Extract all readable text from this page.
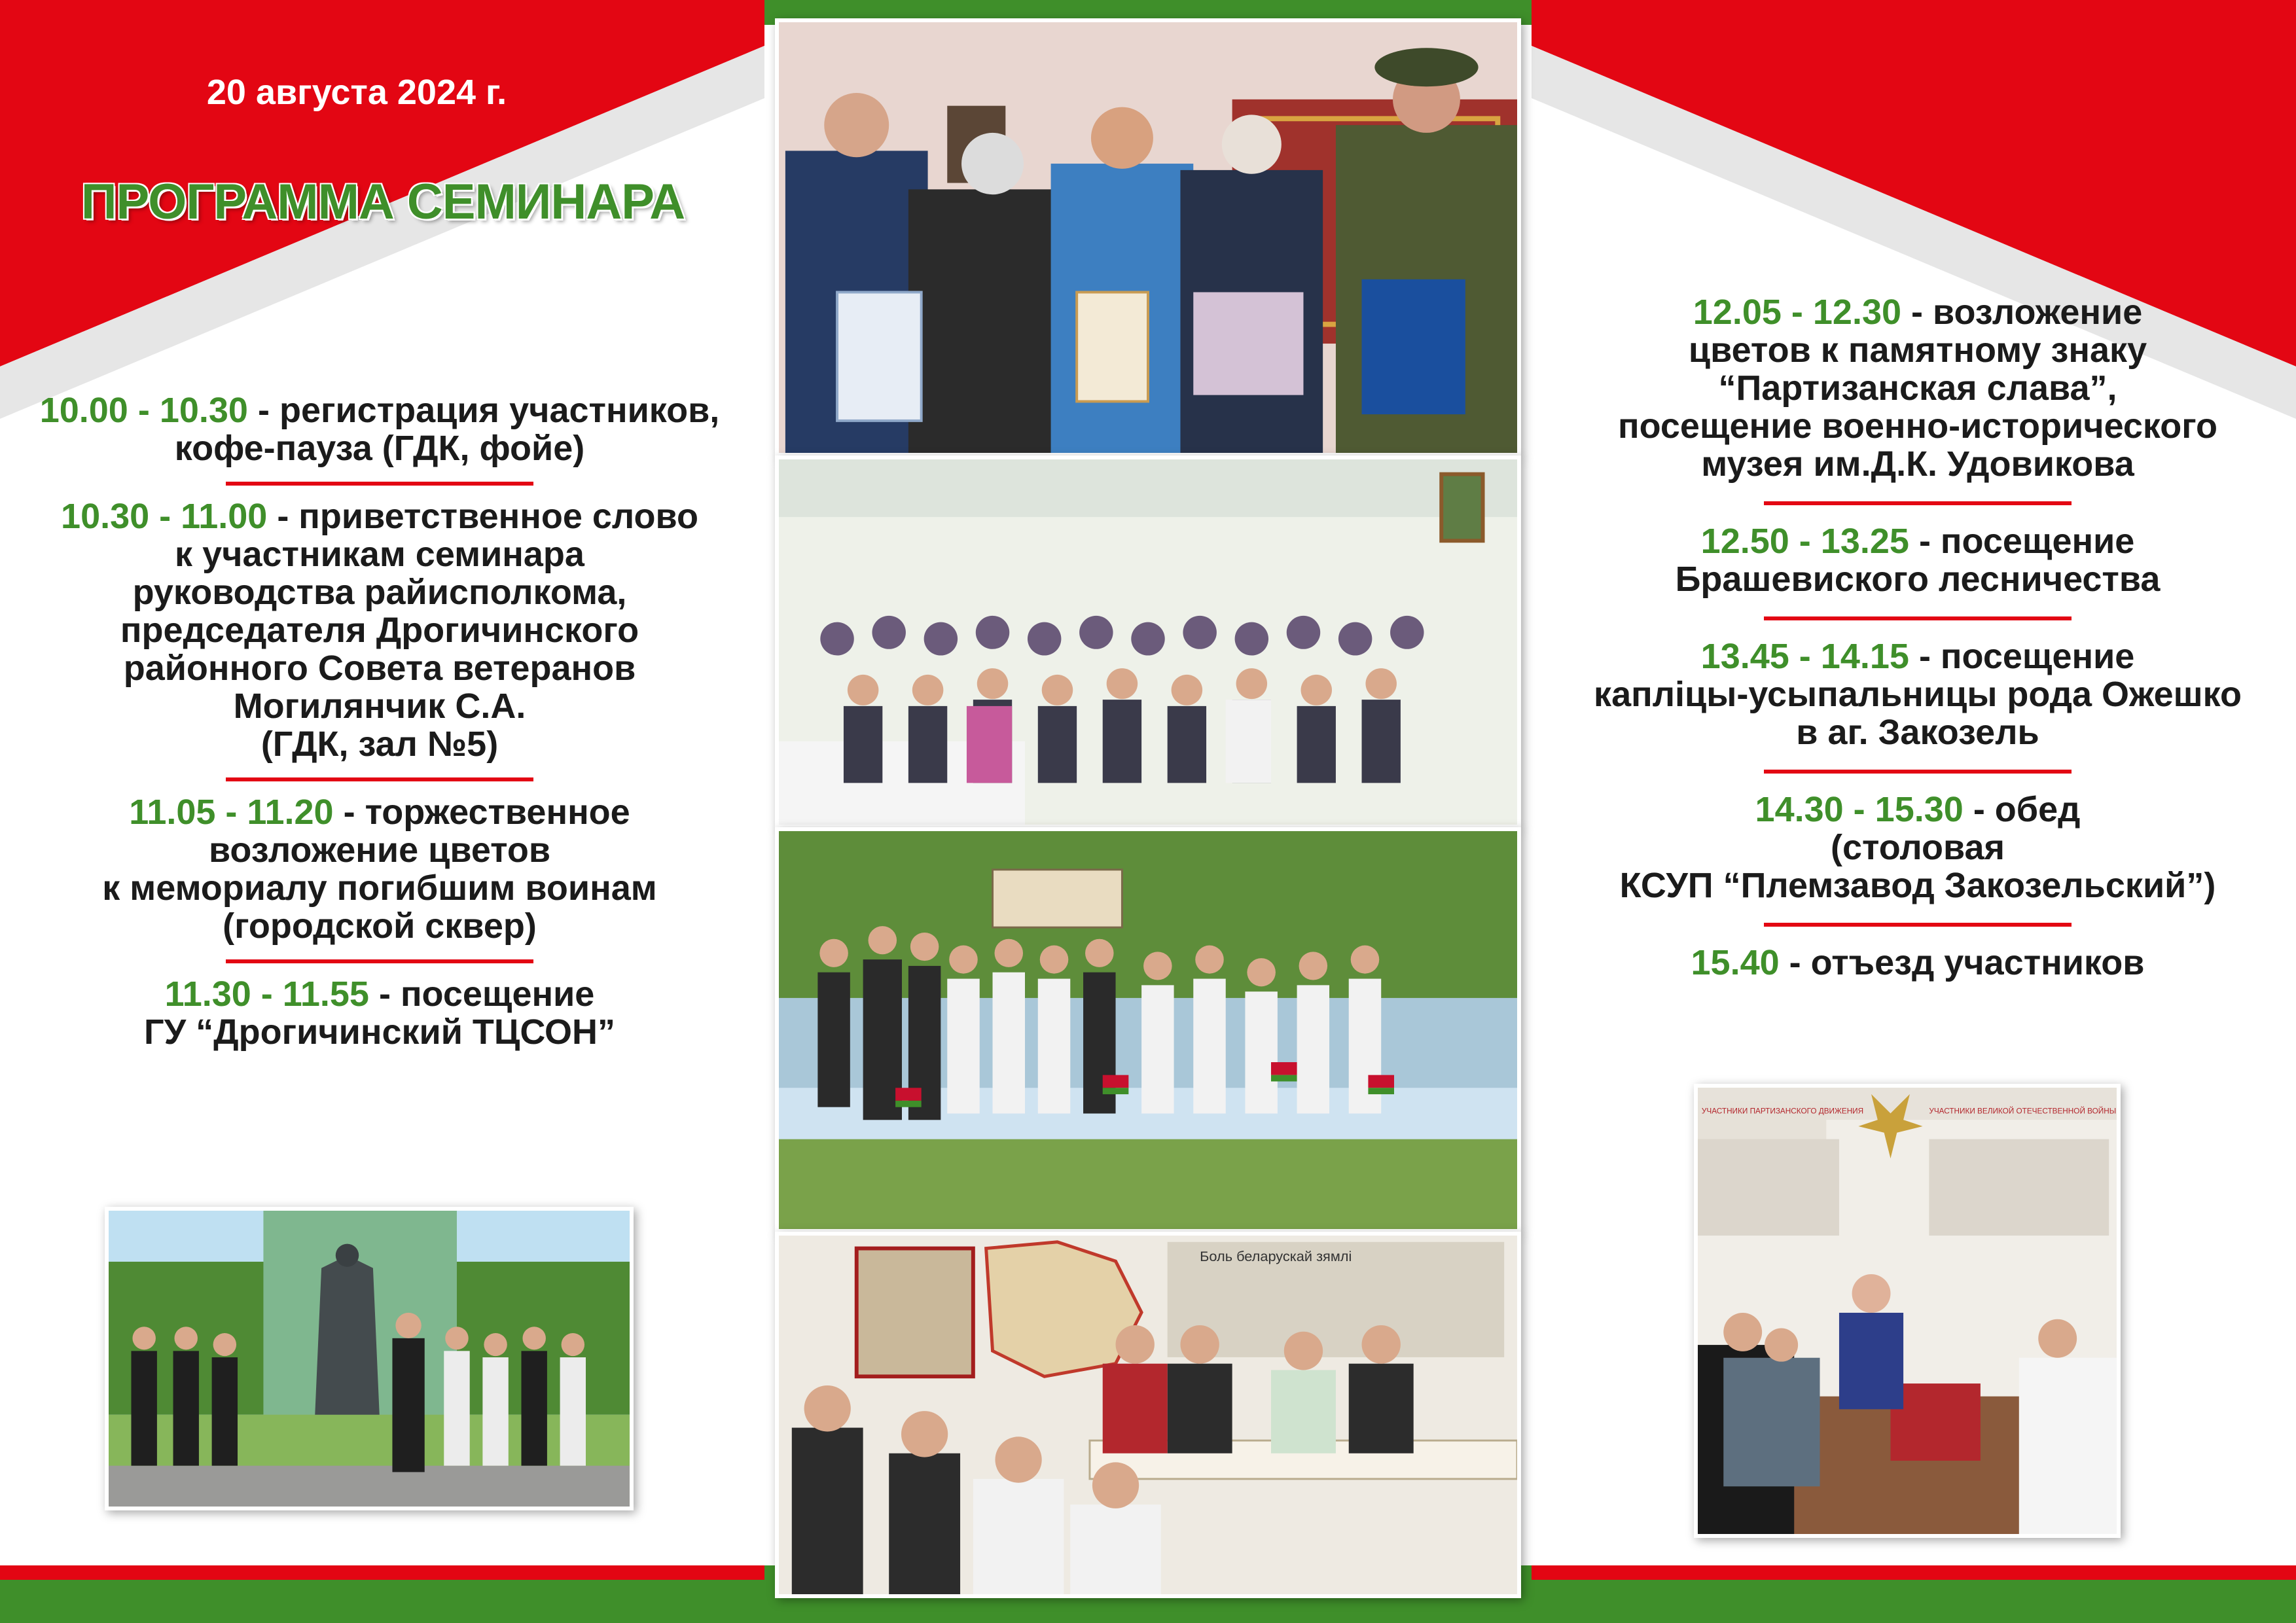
20 августа 2024 г.
ПРОГРАММА СЕМИНАРА
10.00 - 10.30 - регистрация участников,
кофе-пауза (ГДК, фойе)
10.30 - 11.00 - приветственное слово
к участникам семинара
руководства райисполкома,
председателя Дрогичинского
районного Совета ветеранов
Могилянчик С.А.
(ГДК, зал №5)
11.05 - 11.20 - торжественное
возложение цветов
к мемориалу погибшим воинам
(городской сквер)
11.30 - 11.55 - посещение
ГУ “Дрогичинский ТЦСОН”
12.05 - 12.30 - возложение
цветов к памятному знаку
“Партизанская слава”,
посещение военно-исторического
музея им.Д.К. Удовикова
12.50 - 13.25 - посещение
Брашевиского лесничества
13.45 - 14.15 - посещение
капліцы-усыпальницы рода Ожешко
в аг. Закозель
14.30 - 15.30 - обед
(столовая
КСУП “Племзавод Закозельский”)
15.40 - отъезд участников
Боль беларускай зямлі
УЧАСТНИКИ ПАРТИЗАНСКОГО ДВИЖЕНИЯ	УЧАСТНИКИ ВЕЛИКОЙ ОТЕЧЕСТВЕННОЙ ВОЙНЫ
